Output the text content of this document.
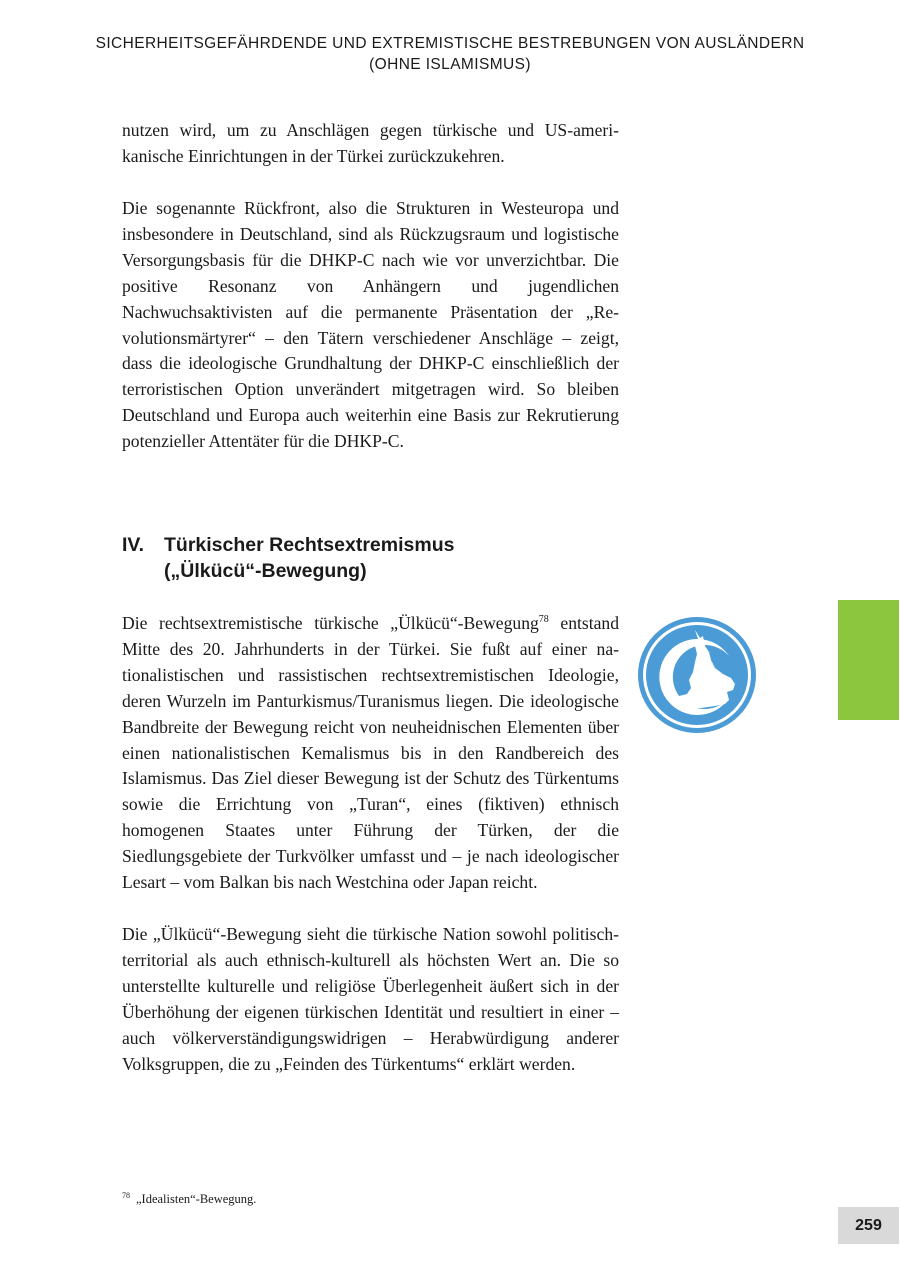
SICHERHEITSGEFÄHRDENDE UND EXTREMISTISCHE BESTREBUNGEN VON AUSLÄNDERN
(OHNE ISLAMISMUS)

nutzen wird, um zu Anschlägen gegen türkische und US-amerikanische Einrichtungen in der Türkei zurückzukehren.

Die sogenannte Rückfront, also die Strukturen in Westeuropa und insbesondere in Deutschland, sind als Rückzugsraum und logistische Versorgungsbasis für die DHKP-C nach wie vor unverzichtbar. Die positive Resonanz von Anhängern und jugendlichen Nachwuchsaktivisten auf die permanente Präsentation der „Revolutionsmärtyrer“ – den Tätern verschiedener Anschläge – zeigt, dass die ideologische Grundhaltung der DHKP-C einschließlich der terroristischen Option unverändert mitgetragen wird. So bleiben Deutschland und Europa auch weiterhin eine Basis zur Rekrutierung potenzieller Attentäter für die DHKP-C.

IV.	Türkischer Rechtsextremismus
(„Ülkücü“-Bewegung)

Die rechtsextremistische türkische „Ülkücü“-Bewegung$^{78}$ entstand Mitte des 20. Jahrhunderts in der Türkei. Sie fußt auf einer nationalistischen und rassistischen rechtsextremistischen Ideologie, deren Wurzeln im Panturkismus/Turanismus liegen. Die ideologische Bandbreite der Bewegung reicht von neuheidnischen Elementen über einen nationalistischen Kemalismus bis in den Randbereich des Islamismus. Das Ziel dieser Bewegung ist der Schutz des Türkentums sowie die Errichtung von „Turan“, eines (fiktiven) ethnisch homogenen Staates unter Führung der Türken, der die Siedlungsgebiete der Turkvölker umfasst und – je nach ideologischer Lesart – vom Balkan bis nach Westchina oder Japan reicht.

Die „Ülkücü“-Bewegung sieht die türkische Nation sowohl politisch-territorial als auch ethnisch-kulturell als höchsten Wert an. Die so unterstellte kulturelle und religiöse Überlegenheit äußert sich in der Überhöhung der eigenen türkischen Identität und resultiert in einer – auch völkerverständigungswidrigen – Herabwürdigung anderer Volksgruppen, die zu „Feinden des Türkentums“ erklärt werden.

$^{78}$ „Idealisten“-Bewegung.
259
